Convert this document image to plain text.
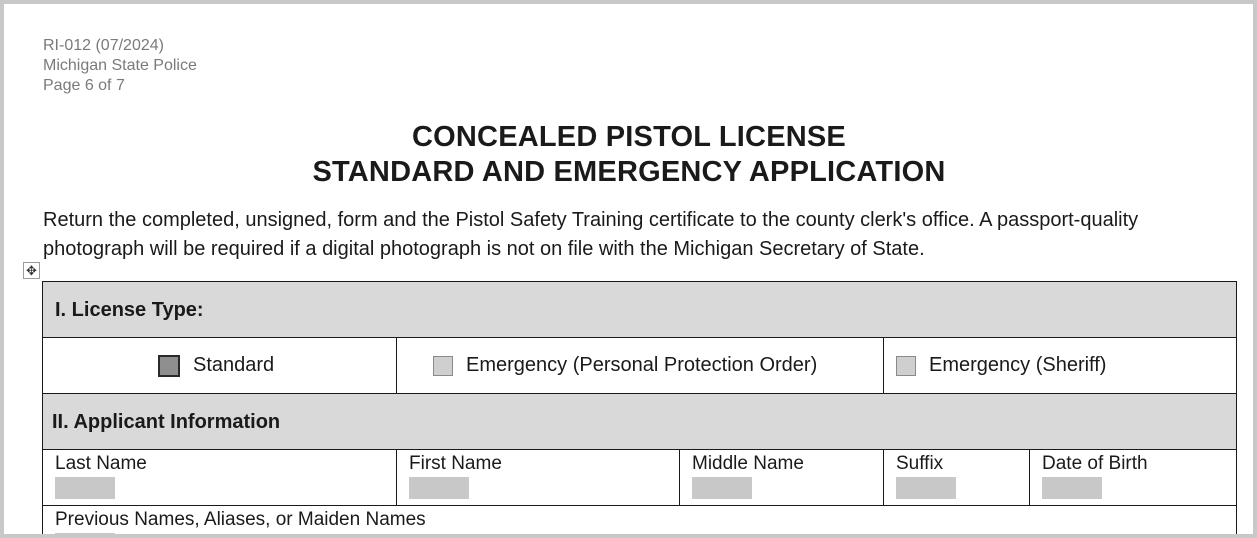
RI-012 (07/2024)
Michigan State Police
Page 6 of 7
CONCEALED PISTOL LICENSE
STANDARD AND EMERGENCY APPLICATION
Return the completed, unsigned, form and the Pistol Safety Training certificate to the county clerk's office. A passport-quality photograph will be required if a digital photograph is not on file with the Michigan Secretary of State.
✥
I. License Type:				

Standard	Emergency (Personal Protection Order)		Emergency (Sheriff)	

II. Applicant Information				

Last Name	First Name	Middle Name	Suffix	Date of Birth

Previous Names, Aliases, or Maiden Names				
